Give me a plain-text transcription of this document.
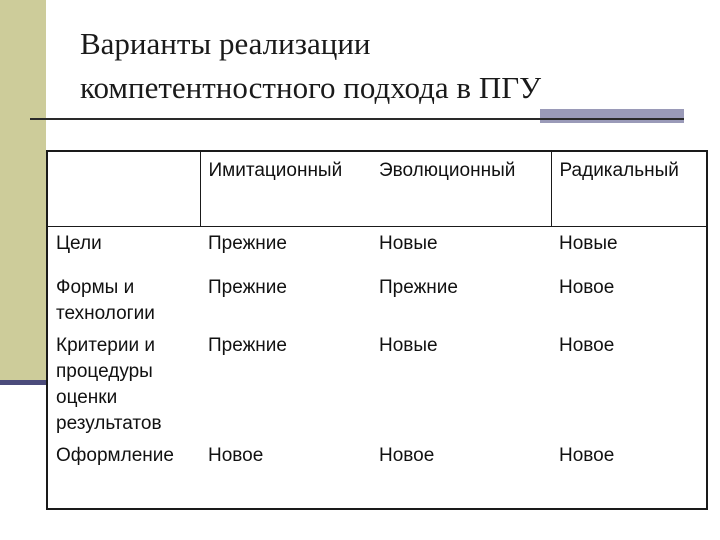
Варианты реализации
компетентностного подхода в ПГУ
	Имитационный	Эволюционный	Радикальный
Цели	Прежние	Новые	Новые
Формы и технологии	Прежние	Прежние	Новое
Критерии и процедуры оценки результатов	Прежние	Новые	Новое
Оформление	Новое	Новое	Новое
